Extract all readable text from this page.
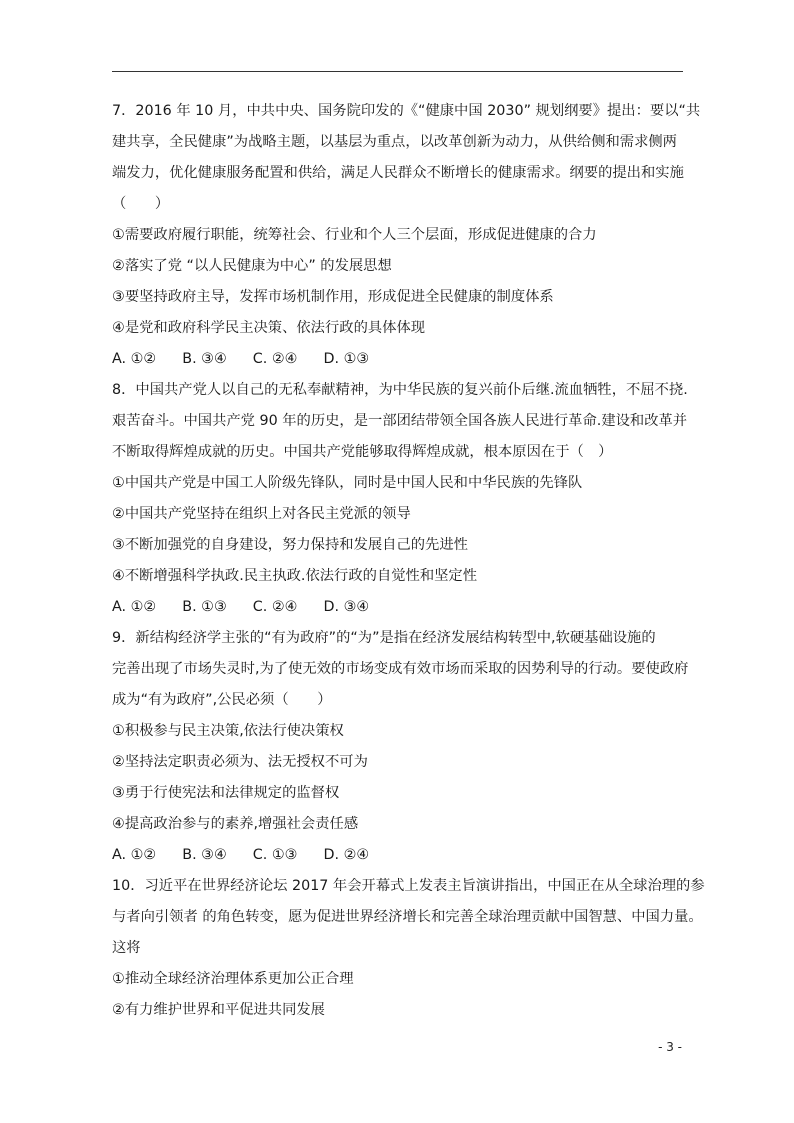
7．2016 年 10 月，中共中央、国务院印发的《“健康中国 2030” 规划纲要》提出：要以“共
建共享，全民健康”为战略主题，以基层为重点，以改革创新为动力，从供给侧和需求侧两
端发力，优化健康服务配置和供给，满足人民群众不断增长的健康需求。纲要的提出和实施
（　　）
①需要政府履行职能，统筹社会、行业和个人三个层面，形成促进健康的合力
②落实了党 “以人民健康为中心” 的发展思想
③要坚持政府主导，发挥市场机制作用，形成促进全民健康的制度体系
④是党和政府科学民主决策、依法行政的具体体现
A. ①② B. ③④ C. ②④ D. ①③
8．中国共产党人以自己的无私奉献精神，为中华民族的复兴前仆后继.流血牺牲，不屈不挠.
艰苦奋斗。中国共产党 90 年的历史，是一部团结带领全国各族人民进行革命.建设和改革并
不断取得辉煌成就的历史。中国共产党能够取得辉煌成就，根本原因在于（　）
①中国共产党是中国工人阶级先锋队，同时是中国人民和中华民族的先锋队
②中国共产党坚持在组织上对各民主党派的领导
③不断加强党的自身建设，努力保持和发展自己的先进性
④不断增强科学执政.民主执政.依法行政的自觉性和坚定性
A. ①② B. ①③ C. ②④ D. ③④
9．新结构经济学主张的“有为政府”的“为”是指在经济发展结构转型中,软硬基础设施的
完善出现了市场失灵时,为了使无效的市场变成有效市场而采取的因势利导的行动。要使政府
成为“有为政府”,公民必须（　　）
①积极参与民主决策,依法行使决策权
②坚持法定职责必须为、法无授权不可为
③勇于行使宪法和法律规定的监督权
④提高政治参与的素养,增强社会责任感
A. ①② B. ③④ C. ①③ D. ②④
10．习近平在世界经济论坛 2017 年会开幕式上发表主旨演讲指出，中国正在从全球治理的参
与者向引领者 的角色转变，愿为促进世界经济增长和完善全球治理贡献中国智慧、中国力量。
这将
①推动全球经济治理体系更加公正合理
②有力维护世界和平促进共同发展
- 3 -
